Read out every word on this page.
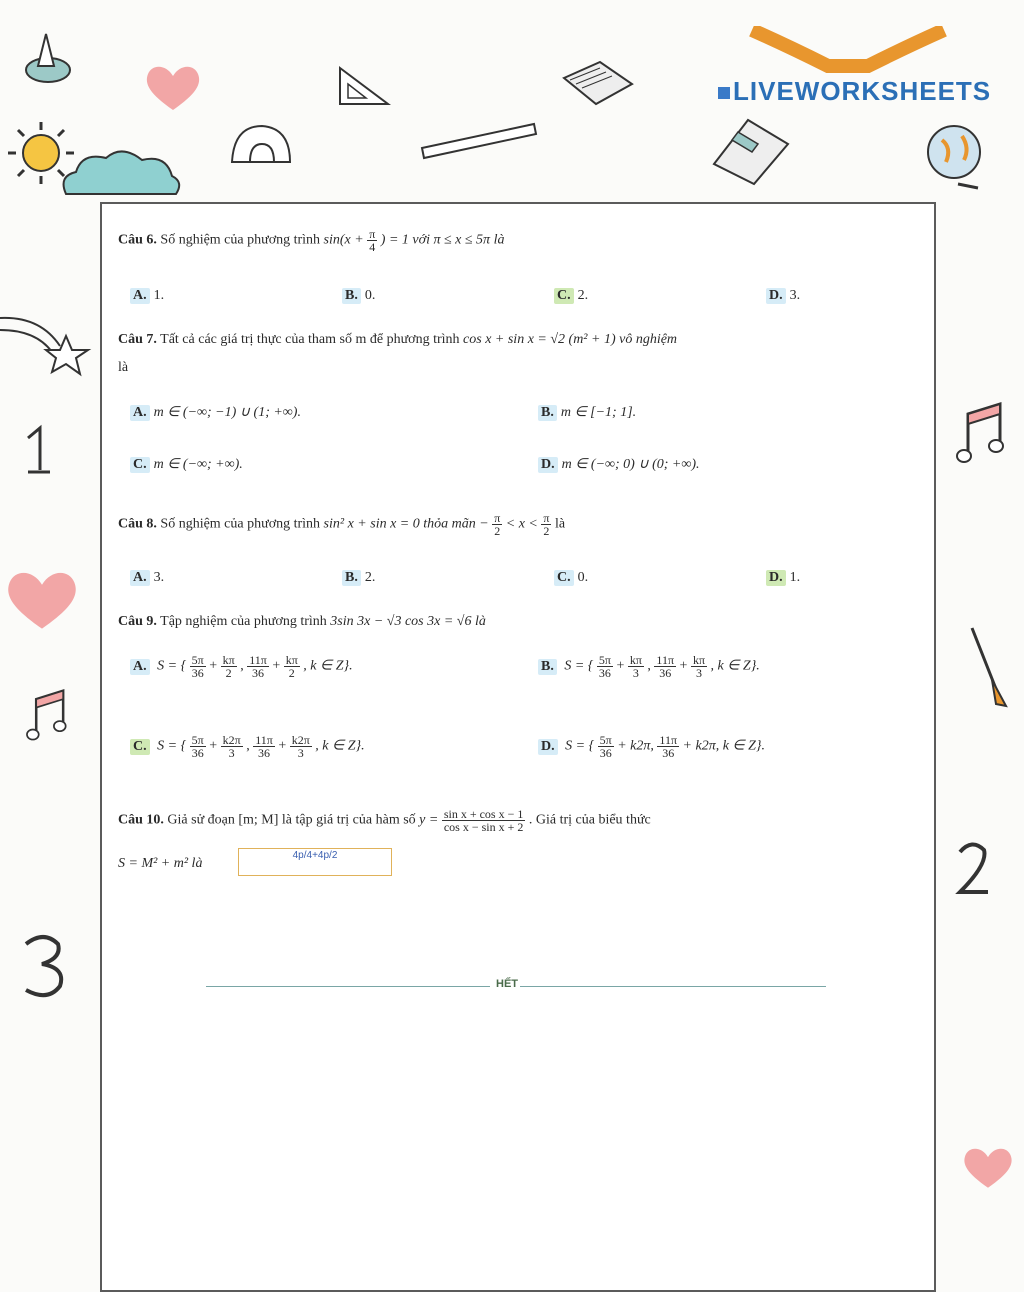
LIVEWORKSHEETS
Câu 6. Số nghiệm của phương trình $\sin(x + \frac{\pi}{4}$ ) = 1 với π ≤ x ≤ 5π là
A. 1.	B. 0.	C. 2.	D. 3.
Câu 7. Tất cả các giá trị thực của tham số m để phương trình cos x + sin x = √2 (m² + 1) vô nghiệm
là
A. m ∈ (−∞; −1) ∪ (1; +∞).	B. m ∈ [−1; 1].
C. m ∈ (−∞; +∞).	D. m ∈ (−∞; 0) ∪ (0; +∞).
Câu 8. Số nghiệm của phương trình sin² x + sin x = 0 thỏa mãn − $\frac{\pi}{2} < x < \frac{\pi}{2}$ là
A. 3.	B. 2.	C. 0.	D. 1.
Câu 9. Tập nghiệm của phương trình 3sin 3x − √3 cos 3x = √6 là
A. S = { $\frac{5\pi}{36} + \frac{k\pi}{2}$ , $\frac{11\pi}{36} + \frac{k\pi}{2}$ , k ∈ Z}.	B. S = { $\frac{5\pi}{36} + \frac{k\pi}{3}$ , $\frac{11\pi}{36} + \frac{k\pi}{3}$ , k ∈ Z}.
C. S = { $\frac{5\pi}{36} + \frac{k2\pi}{3}$ , $\frac{11\pi}{36} + \frac{k2\pi}{3}$ , k ∈ Z}.	D. S = { $\frac{5\pi}{36} + k2\pi$, $\frac{11\pi}{36} + k2\pi$, k ∈ Z}.
Câu 10. Giả sử đoạn [m; M] là tập giá trị của hàm số $y = \frac{\text{sin x + cos x − 1}}{\text{cos x − sin x + 2}}$ . Giá trị của biểu thức
S = M² + m² là
4p/4+4p/2
HẾT
